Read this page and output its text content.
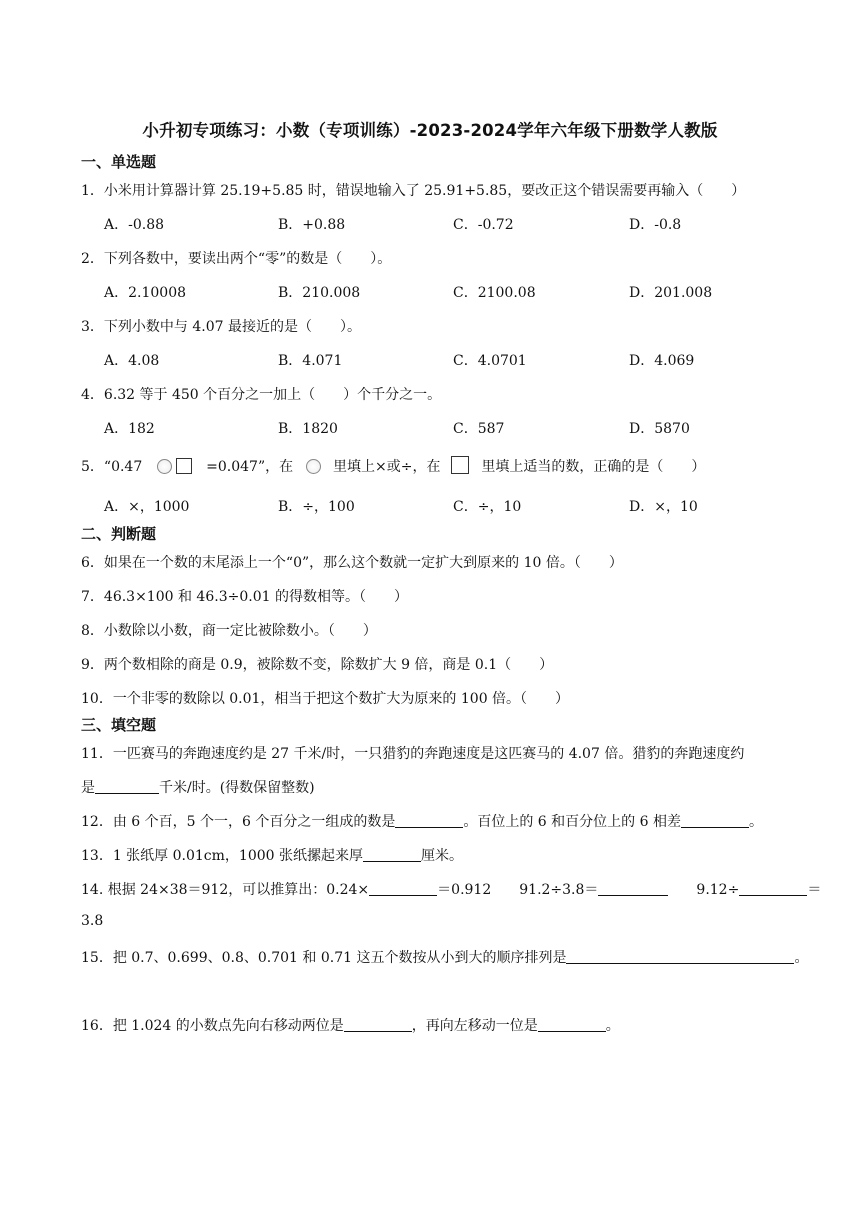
小升初专项练习：小数（专项训练）-2023-2024学年六年级下册数学人教版
一、单选题
1．小米用计算器计算 25.19+5.85 时，错误地输入了 25.91+5.85，要改正这个错误需要再输入（　　）
A．-0.88	B．+0.88	C．-0.72	D．-0.8
2．下列各数中，要读出两个“零”的数是（　　）。
A．2.10008	B．210.008	C．2100.08	D．201.008
3．下列小数中与 4.07 最接近的是（　　）。
A．4.08	B．4.071	C．4.0701	D．4.069
4．6.32 等于 450 个百分之一加上（　　）个千分之一。
A．182	B．1820	C．587	D．5870
5．“0.47	=0.047”，在	里填上×或÷，在	里填上适当的数，正确的是（　　）
A．×，1000	B．÷，100	C．÷，10	D．×，10
二、判断题
6．如果在一个数的末尾添上一个“0”，那么这个数就一定扩大到原来的 10 倍。（　　）
7．46.3×100 和 46.3÷0.01 的得数相等。（　　）
8．小数除以小数，商一定比被除数小。（　　）
9．两个数相除的商是 0.9，被除数不变，除数扩大 9 倍，商是 0.1（　　）
10．一个非零的数除以 0.01，相当于把这个数扩大为原来的 100 倍。（　　）
三、填空题
11．一匹赛马的奔跑速度约是 27 千米/时，一只猎豹的奔跑速度是这匹赛马的 4.07 倍。猎豹的奔跑速度约
是	千米/时。(得数保留整数)
12．由 6 个百，5 个一，6 个百分之一组成的数是	。百位上的 6 和百分位上的 6 相差	。
13．1 张纸厚 0.01cm，1000 张纸摞起来厚	厘米。
14. 根据 24×38＝912，可以推算出：0.24×	＝0.912 91.2÷3.8＝	9.12÷	＝
3.8
15．把 0.7、0.699、0.8、0.701 和 0.71 这五个数按从小到大的顺序排列是	。
16．把 1.024 的小数点先向右移动两位是	，再向左移动一位是	。
